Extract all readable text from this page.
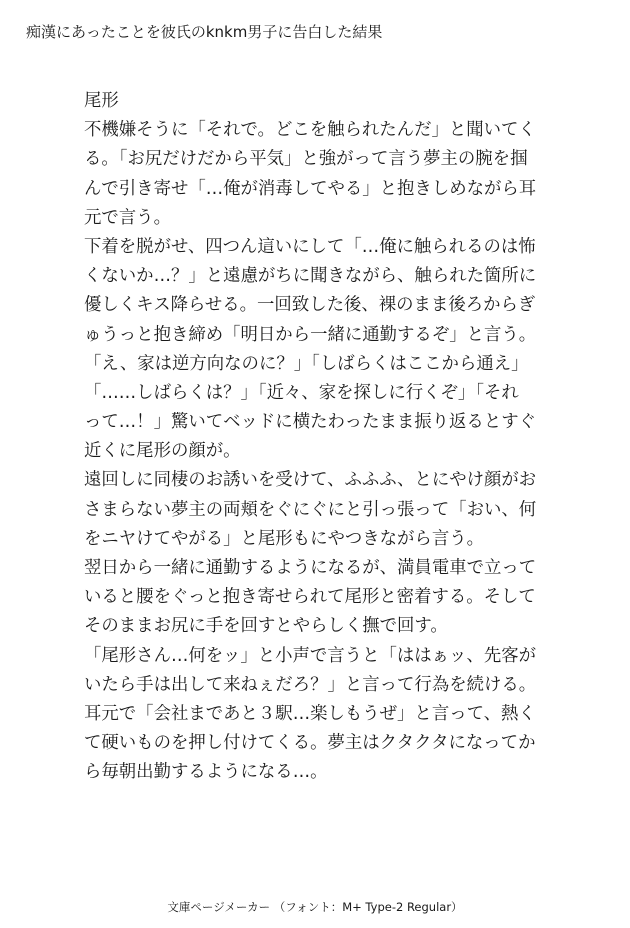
痴漢にあったことを彼氏のknkm男子に告白した結果
尾形
不機嫌そうに「それで。どこを触られたんだ」と聞いてく
る。「お尻だけだから平気」と強がって言う夢主の腕を掴
んで引き寄せ「…俺が消毒してやる」と抱きしめながら耳
元で言う。
下着を脱がせ、四つん這いにして「…俺に触られるのは怖
くないか…？」と遠慮がちに聞きながら、触られた箇所に
優しくキス降らせる。一回致した後、裸のまま後ろからぎ
ゅうっと抱き締め「明日から一緒に通勤するぞ」と言う。
「え、家は逆方向なのに？」「しばらくはここから通え」
「……しばらくは？」「近々、家を探しに行くぞ」「それ
って…！」驚いてベッドに横たわったまま振り返るとすぐ
近くに尾形の顔が。
遠回しに同棲のお誘いを受けて、ふふふ、とにやけ顔がお
さまらない夢主の両頬をぐにぐにと引っ張って「おい、何
をニヤけてやがる」と尾形もにやつきながら言う。
翌日から一緒に通勤するようになるが、満員電車で立って
いると腰をぐっと抱き寄せられて尾形と密着する。そして
そのままお尻に手を回すとやらしく撫で回す。
「尾形さん…何をッ」と小声で言うと「ははぁッ、先客が
いたら手は出して来ねぇだろ？」と言って行為を続ける。
耳元で「会社まであと３駅…楽しもうぜ」と言って、熱く
て硬いものを押し付けてくる。夢主はクタクタになってか
ら毎朝出勤するようになる…。
文庫ページメーカー （フォント：M+ Type-2 Regular）
